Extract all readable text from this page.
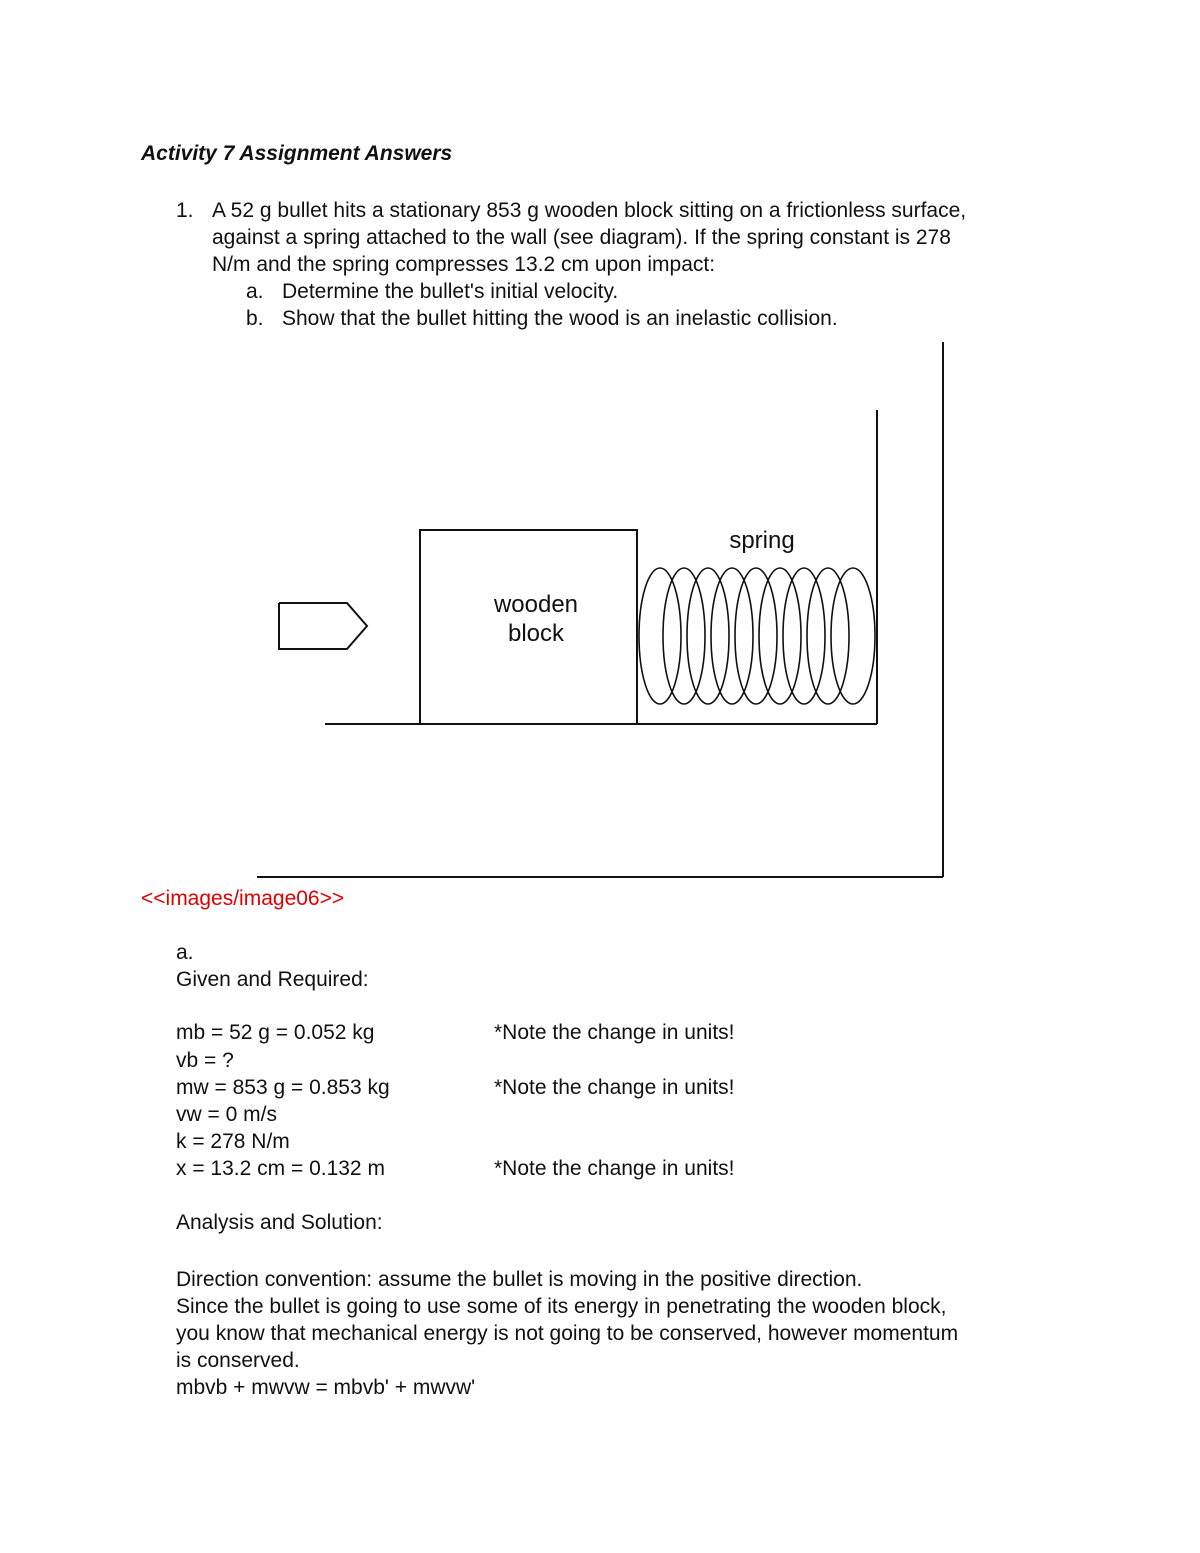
Activity 7 Assignment Answers
1. A 52 g bullet hits a stationary 853 g wooden block sitting on a frictionless surface,
against a spring attached to the wall (see diagram). If the spring constant is 278
N/m and the spring compresses 13.2 cm upon impact:
a. Determine the bullet's initial velocity.
b. Show that the bullet hitting the wood is an inelastic collision.
spring
wooden
block
<<images/image06>>
a.
Given and Required:
mb = 52 g = 0.052 kg	*Note the change in units!
vb = ?
mw = 853 g = 0.853 kg	*Note the change in units!
vw = 0 m/s
k = 278 N/m
x = 13.2 cm = 0.132 m	*Note the change in units!
Analysis and Solution:
Direction convention: assume the bullet is moving in the positive direction.
Since the bullet is going to use some of its energy in penetrating the wooden block,
you know that mechanical energy is not going to be conserved, however momentum
is conserved.
mbvb + mwvw = mbvb' + mwvw'
